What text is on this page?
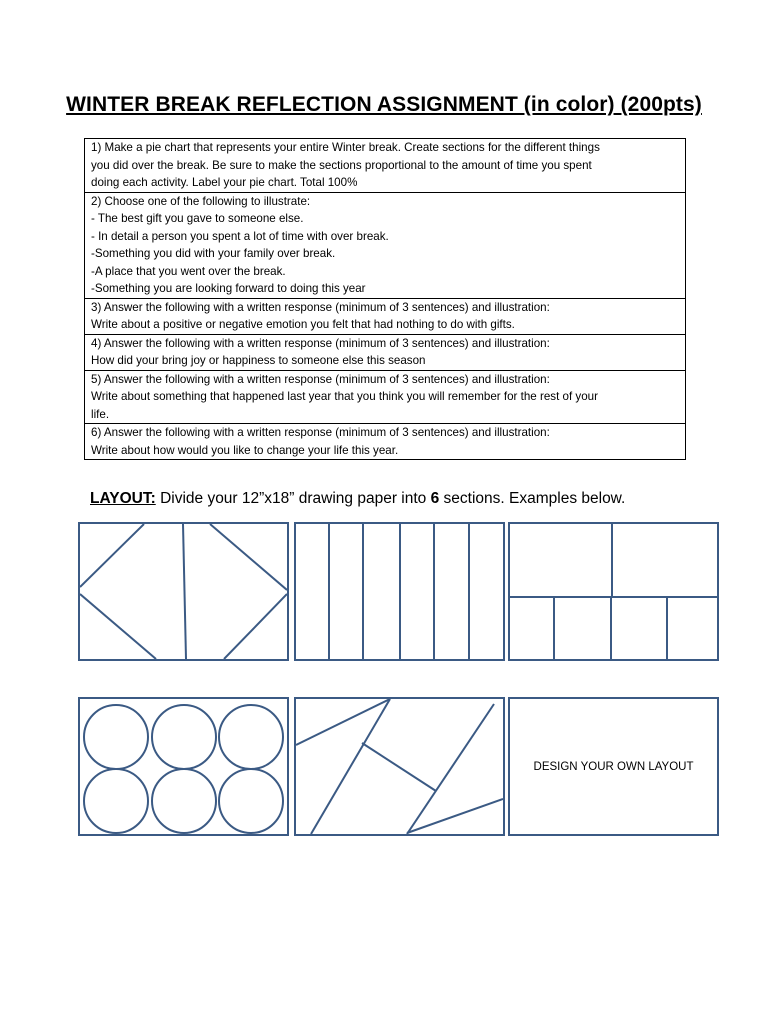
WINTER BREAK REFLECTION ASSIGNMENT (in color) (200pts)
1) Make a pie chart that represents your entire Winter break. Create sections for the different things
you did over the break. Be sure to make the sections proportional to the amount of time you spent
doing each activity. Label your pie chart. Total 100%

2) Choose one of the following to illustrate:
- The best gift you gave to someone else.
- In detail a person you spent a lot of time with over break.
-Something you did with your family over break.
-A place that you went over the break.
-Something you are looking forward to doing this year

3) Answer the following with a written response (minimum of 3 sentences) and illustration:
Write about a positive or negative emotion you felt that had nothing to do with gifts.

4) Answer the following with a written response (minimum of 3 sentences) and illustration:
How did your bring joy or happiness to someone else this season

5) Answer the following with a written response (minimum of 3 sentences) and illustration:
Write about something that happened last year that you think you will remember for the rest of your
life.

6) Answer the following with a written response (minimum of 3 sentences) and illustration:
Write about how would you like to change your life this year.
LAYOUT: Divide your 12”x18” drawing paper into 6 sections. Examples below.
DESIGN YOUR OWN LAYOUT
